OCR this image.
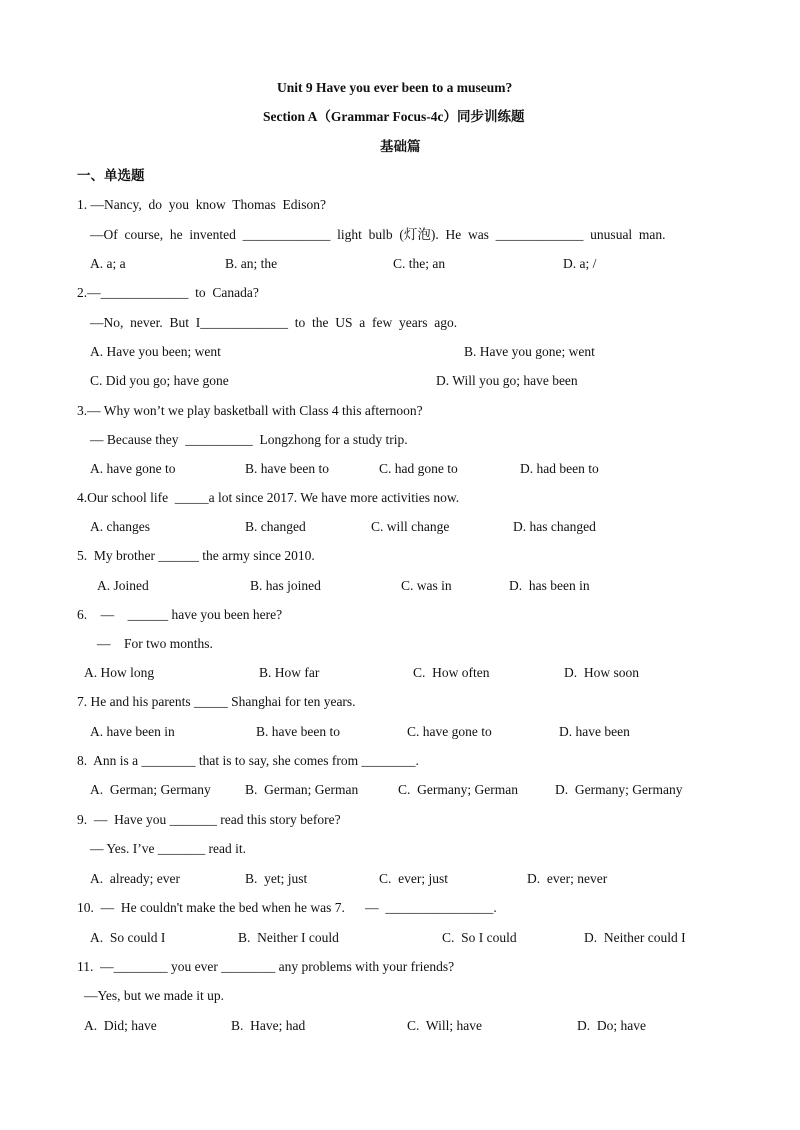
Unit 9 Have you ever been to a museum?
Section A（Grammar Focus-4c）同步训练题
基础篇
一、单选题
1. —Nancy,  do  you  know  Thomas  Edison?
—Of  course,  he  invented  _____________  light  bulb  (灯泡).  He  was  _____________  unusual  man.
A. a; a	B. an; the	C. the; an	D. a; /
2.—_____________  to  Canada?
—No,  never.  But  I_____________  to  the  US  a  few  years  ago.
A. Have you been; went	B. Have you gone; went
C. Did you go; have gone	D. Will you go; have been
3.— Why won’t we play basketball with Class 4 this afternoon?
— Because they  __________  Longzhong for a study trip.
A. have gone to	B. have been to	C. had gone to	D. had been to
4.Our school life  _____a lot since 2017. We have more activities now.
A. changes	B. changed	C. will change	D. has changed
5.  My brother ______ the army since 2010.
A. Joined	B. has joined	C. was in	D.  has been in
6.    —    ______ have you been here?
—    For two months.
A. How long	B. How far	C.  How often	D.  How soon
7. He and his parents _____ Shanghai for ten years.
A. have been in	B. have been to	C. have gone to	D. have been
8.  Ann is a ________ that is to say, she comes from ________.
A.  German; Germany	B.  German; German	C.  Germany; German	D.  Germany; Germany
9.  —  Have you _______ read this story before?
— Yes. I’ve _______ read it.
A.  already; ever	B.  yet; just	C.  ever; just	D.  ever; never
10.  —  He couldn't make the bed when he was 7.      —  ________________.
A.  So could I	B.  Neither I could	C.  So I could	D.  Neither could I
11.  —________ you ever ________ any problems with your friends?
—Yes, but we made it up.
A.  Did; have	B.  Have; had	C.  Will; have	D.  Do; have
